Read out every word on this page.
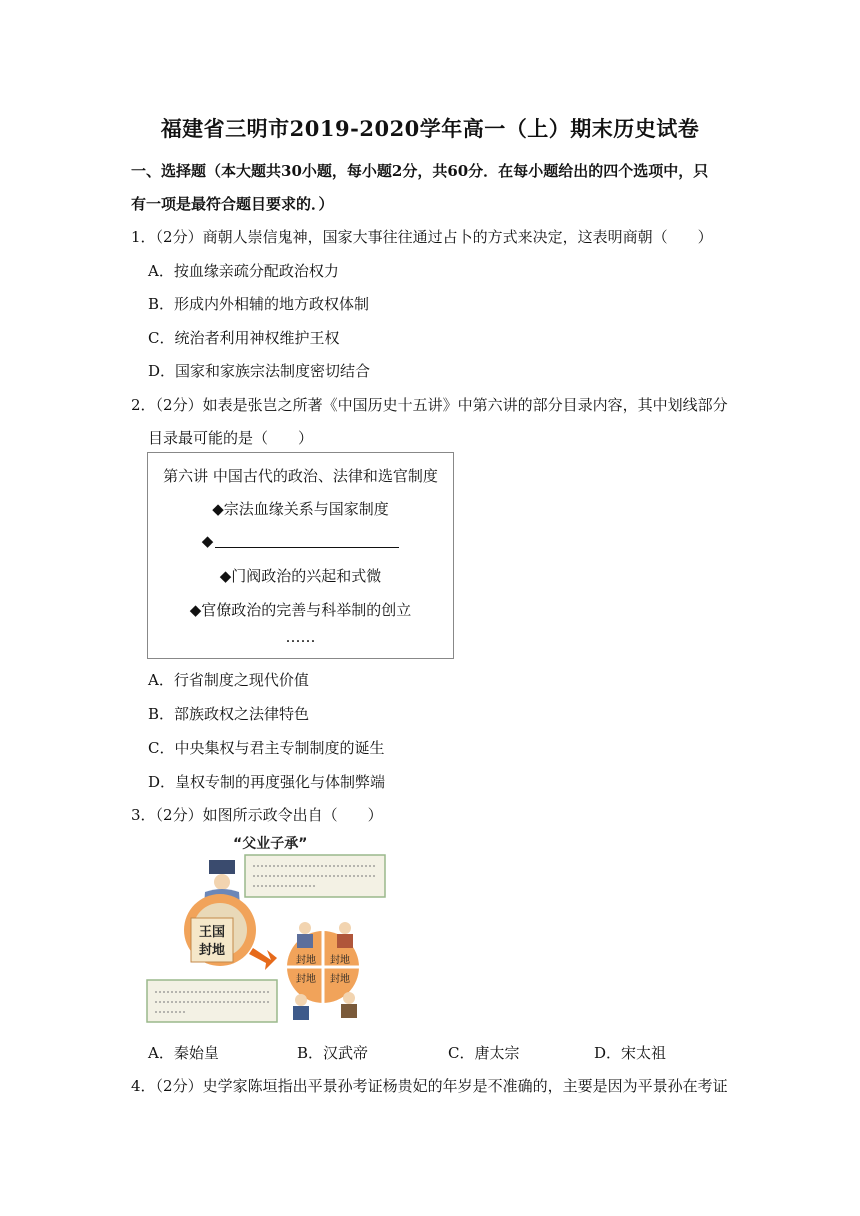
福建省三明市2019-2020学年高一（上）期末历史试卷
一、选择题（本大题共30小题，每小题2分，共60分．在每小题给出的四个选项中，只
有一项是最符合题目要求的．）
1．（2分）商朝人崇信鬼神，国家大事往往通过占卜的方式来决定，这表明商朝（　　）
A．按血缘亲疏分配政治权力
B．形成内外相辅的地方政权体制
C．统治者利用神权维护王权
D．国家和家族宗法制度密切结合
2．（2分）如表是张岂之所著《中国历史十五讲》中第六讲的部分目录内容，其中划线部分
目录最可能的是（　　）
第六讲 中国古代的政治、法律和选官制度
◆宗法血缘关系与国家制度
◆
◆门阀政治的兴起和式微
◆官僚政治的完善与科举制的创立
……
A．行省制度之现代价值
B．部族政权之法律特色
C．中央集权与君主专制制度的诞生
D．皇权专制的再度强化与体制弊端
3．（2分）如图所示政令出自（　　）
“父业子承”
王国
封地
封地 封地
封地 封地
A．秦始皇	B．汉武帝	C．唐太宗	D．宋太祖
4．（2分）史学家陈垣指出平景孙考证杨贵妃的年岁是不准确的，主要是因为平景孙在考证
